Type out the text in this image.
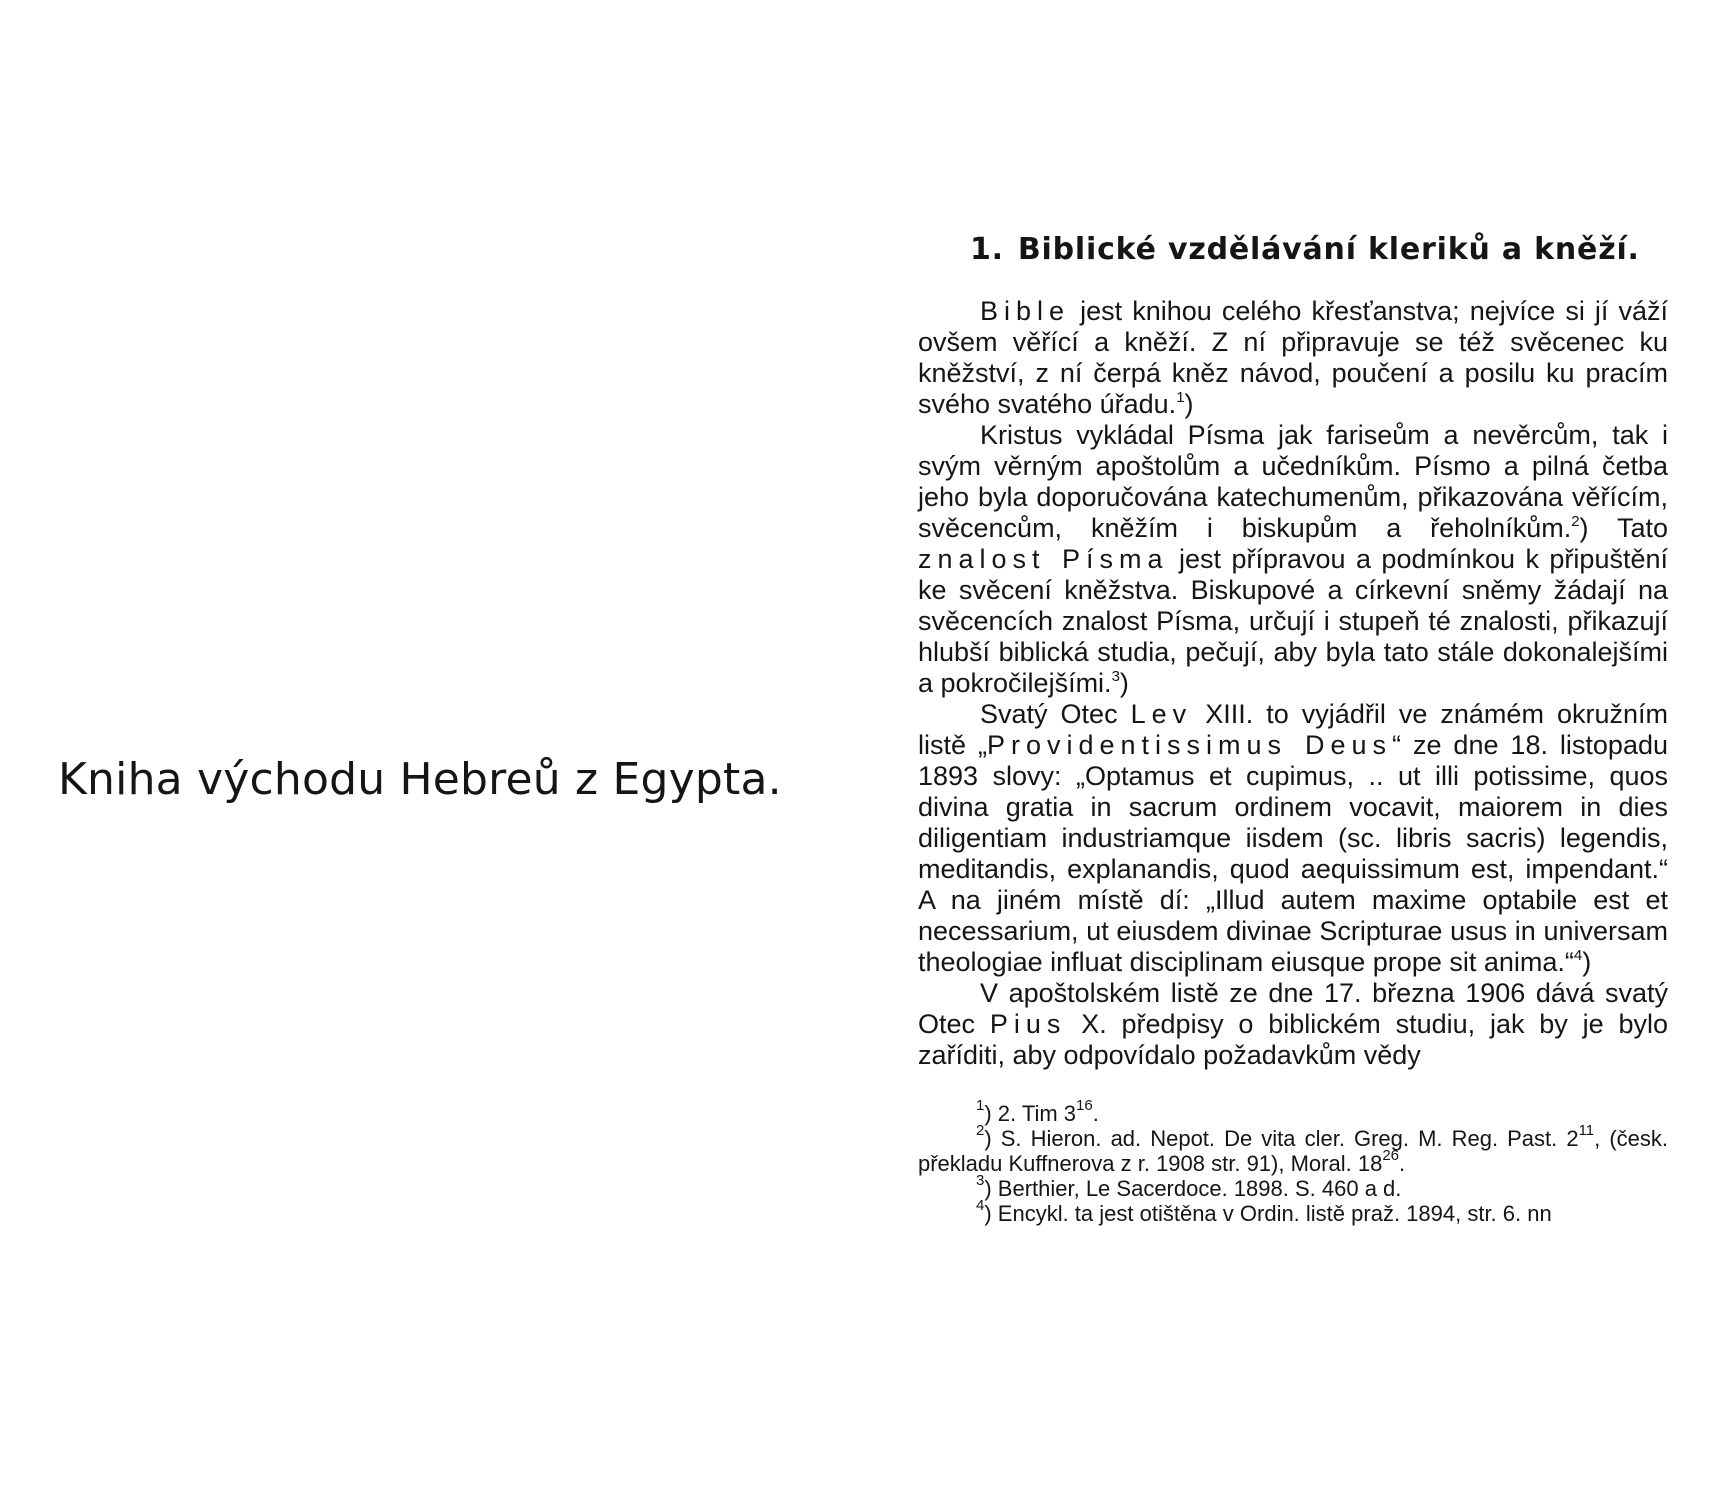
Kniha východu Hebreů z Egypta.
1. Biblické vzdělávání kleriků a kněží.

Bible jest knihou celého křesťanstva; nejvíce si jí váží ovšem věřící a kněží. Z ní připravuje se též svěcenec ku kněžství, z ní čerpá kněz návod, poučení a posilu ku pracím svého svatého úřadu.$^1$)

Kristus vykládal Písma jak fariseům a nevěrcům, tak i svým věrným apoštolům a učedníkům. Písmo a pilná četba jeho byla doporučována katechumenům, přikazována věřícím, svěcencům, kněžím i biskupům a řeholníkům.$^2$) Tato znalost Písma jest přípravou a podmínkou k připuštění ke svěcení kněžstva. Biskupové a církevní sněmy žádají na svěcencích znalost Písma, určují i stupeň té znalosti, přikazují hlubší biblická studia, pečují, aby byla tato stále dokonalejšími a pokročilejšími.$^3$)

Svatý Otec Lev XIII. to vyjádřil ve známém okružním listě „Providentissimus Deus“ ze dne 18. listopadu 1893 slovy: „Optamus et cupimus, .. ut illi potissime, quos divina gratia in sacrum ordinem vocavit, maiorem in dies diligentiam industriamque iisdem (sc. libris sacris) legendis, meditandis, explanandis, quod aequissimum est, impendant.“ A na jiném místě dí: „Illud autem maxime optabile est et necessarium, ut eiusdem divinae Scripturae usus in universam theologiae influat disciplinam eiusque prope sit anima.“$^4$)

V apoštolském listě ze dne 17. března 1906 dává svatý Otec Pius X. předpisy o biblickém studiu, jak by je bylo zaříditi, aby odpovídalo požadavkům vědy

$^1$) 2. Tim $3^{16}$.

$^2$) S. Hieron. ad. Nepot. De vita cler. Greg. M. Reg. Past. $2^{11}$, (česk. překladu Kuffnerova z r. 1908 str. 91), Moral. $18^{26}$.

$^3$) Berthier, Le Sacerdoce. 1898. S. 460 a d.

$^4$) Encykl. ta jest otištěna v Ordin. listě praž. 1894, str. 6. nn
